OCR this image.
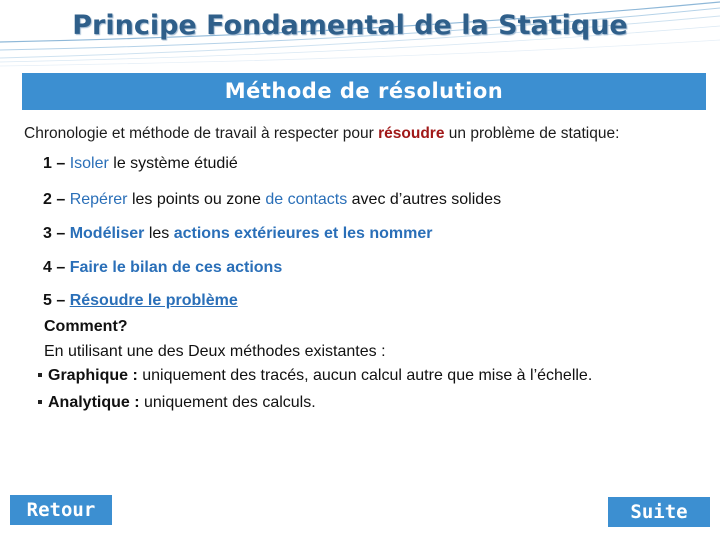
Principe Fondamental de la Statique
Méthode de résolution
Chronologie et méthode de travail à respecter pour résoudre un problème de statique:
1 – Isoler le système étudié
2 – Repérer les points ou zone de contacts avec d’autres solides
3 – Modéliser les actions extérieures et les nommer
4 – Faire le bilan de ces actions
5 – Résoudre le problème
Comment?
En utilisant une des Deux méthodes existantes :
Graphique : uniquement des tracés, aucun calcul autre que mise à l’échelle.
Analytique : uniquement des calculs.
Retour	Suite
